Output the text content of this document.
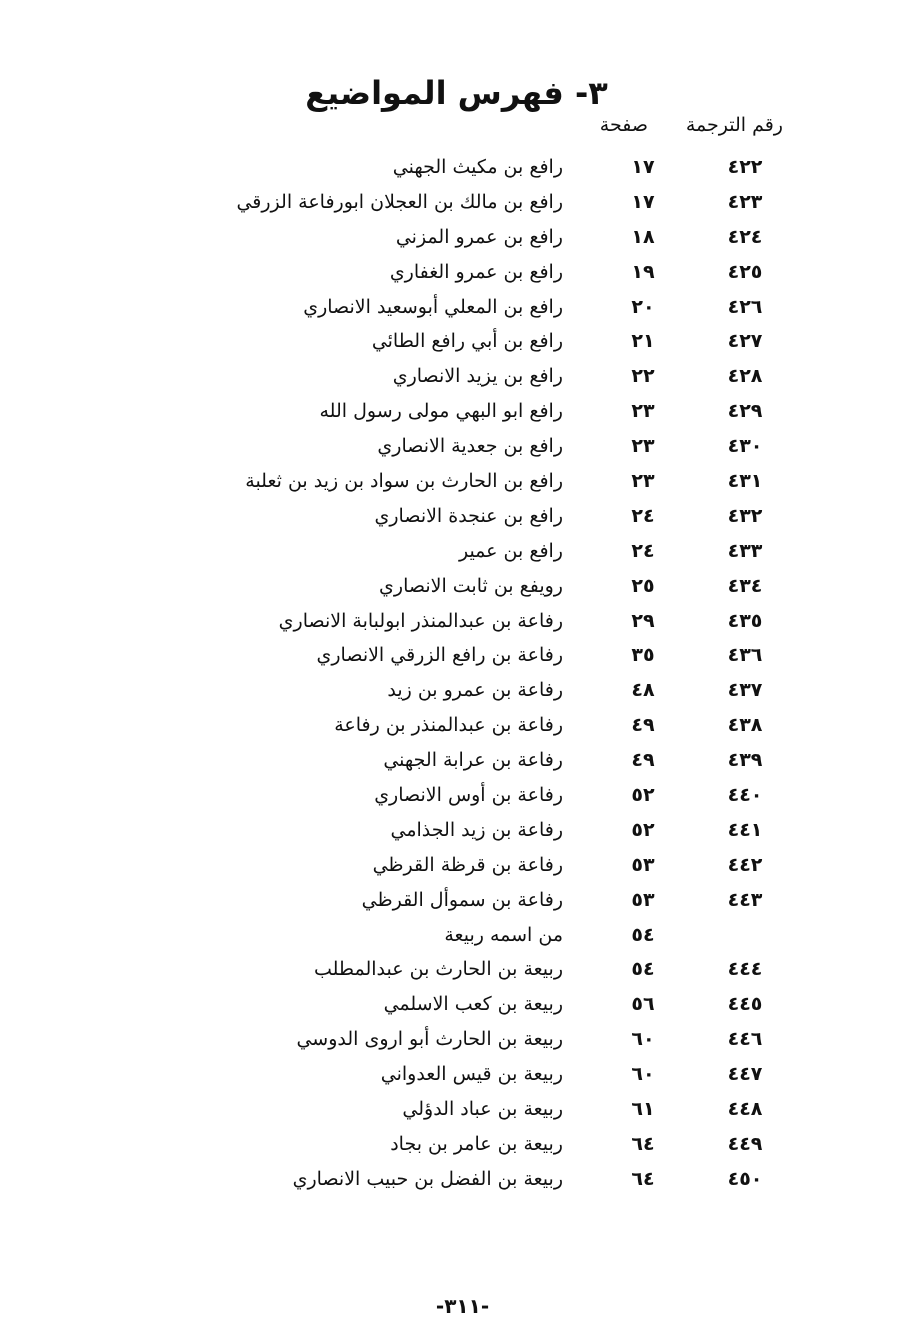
٣- فهرس المواضيع
رقم الترجمة
صفحة
٤٢٢
١٧
رافع بن مكيث الجهني
٤٢٣
١٧
رافع بن مالك بن العجلان ابورفاعة الزرقي
٤٢٤
١٨
رافع بن عمرو المزني
٤٢٥
١٩
رافع بن عمرو الغفاري
٤٢٦
٢٠
رافع بن المعلي أبوسعيد الانصاري
٤٢٧
٢١
رافع بن أبي رافع الطائي
٤٢٨
٢٢
رافع بن يزيد الانصاري
٤٢٩
٢٣
رافع ابو البهي مولى رسول الله
٤٣٠
٢٣
رافع بن جعدية الانصاري
٤٣١
٢٣
رافع بن الحارث بن سواد بن زيد بن ثعلبة
٤٣٢
٢٤
رافع بن عنجدة الانصاري
٤٣٣
٢٤
رافع بن عمير
٤٣٤
٢٥
رويفع بن ثابت الانصاري
٤٣٥
٢٩
رفاعة بن عبدالمنذر ابولبابة الانصاري
٤٣٦
٣٥
رفاعة بن رافع الزرقي الانصاري
٤٣٧
٤٨
رفاعة بن عمرو بن زيد
٤٣٨
٤٩
رفاعة بن عبدالمنذر بن رفاعة
٤٣٩
٤٩
رفاعة بن عرابة الجهني
٤٤٠
٥٢
رفاعة بن أوس الانصاري
٤٤١
٥٢
رفاعة بن زيد الجذامي
٤٤٢
٥٣
رفاعة بن قرظة القرظي
٤٤٣
٥٣
رفاعة بن سموأل القرظي
٥٤
من اسمه ربيعة
٤٤٤
٥٤
ربيعة بن الحارث بن عبدالمطلب
٤٤٥
٥٦
ربيعة بن كعب الاسلمي
٤٤٦
٦٠
ربيعة بن الحارث أبو اروى الدوسي
٤٤٧
٦٠
ربيعة بن قيس العدواني
٤٤٨
٦١
ربيعة بن عباد الدؤلي
٤٤٩
٦٤
ربيعة بن عامر بن بجاد
٤٥٠
٦٤
ربيعة بن الفضل بن حبيب الانصاري
-٣١١-
